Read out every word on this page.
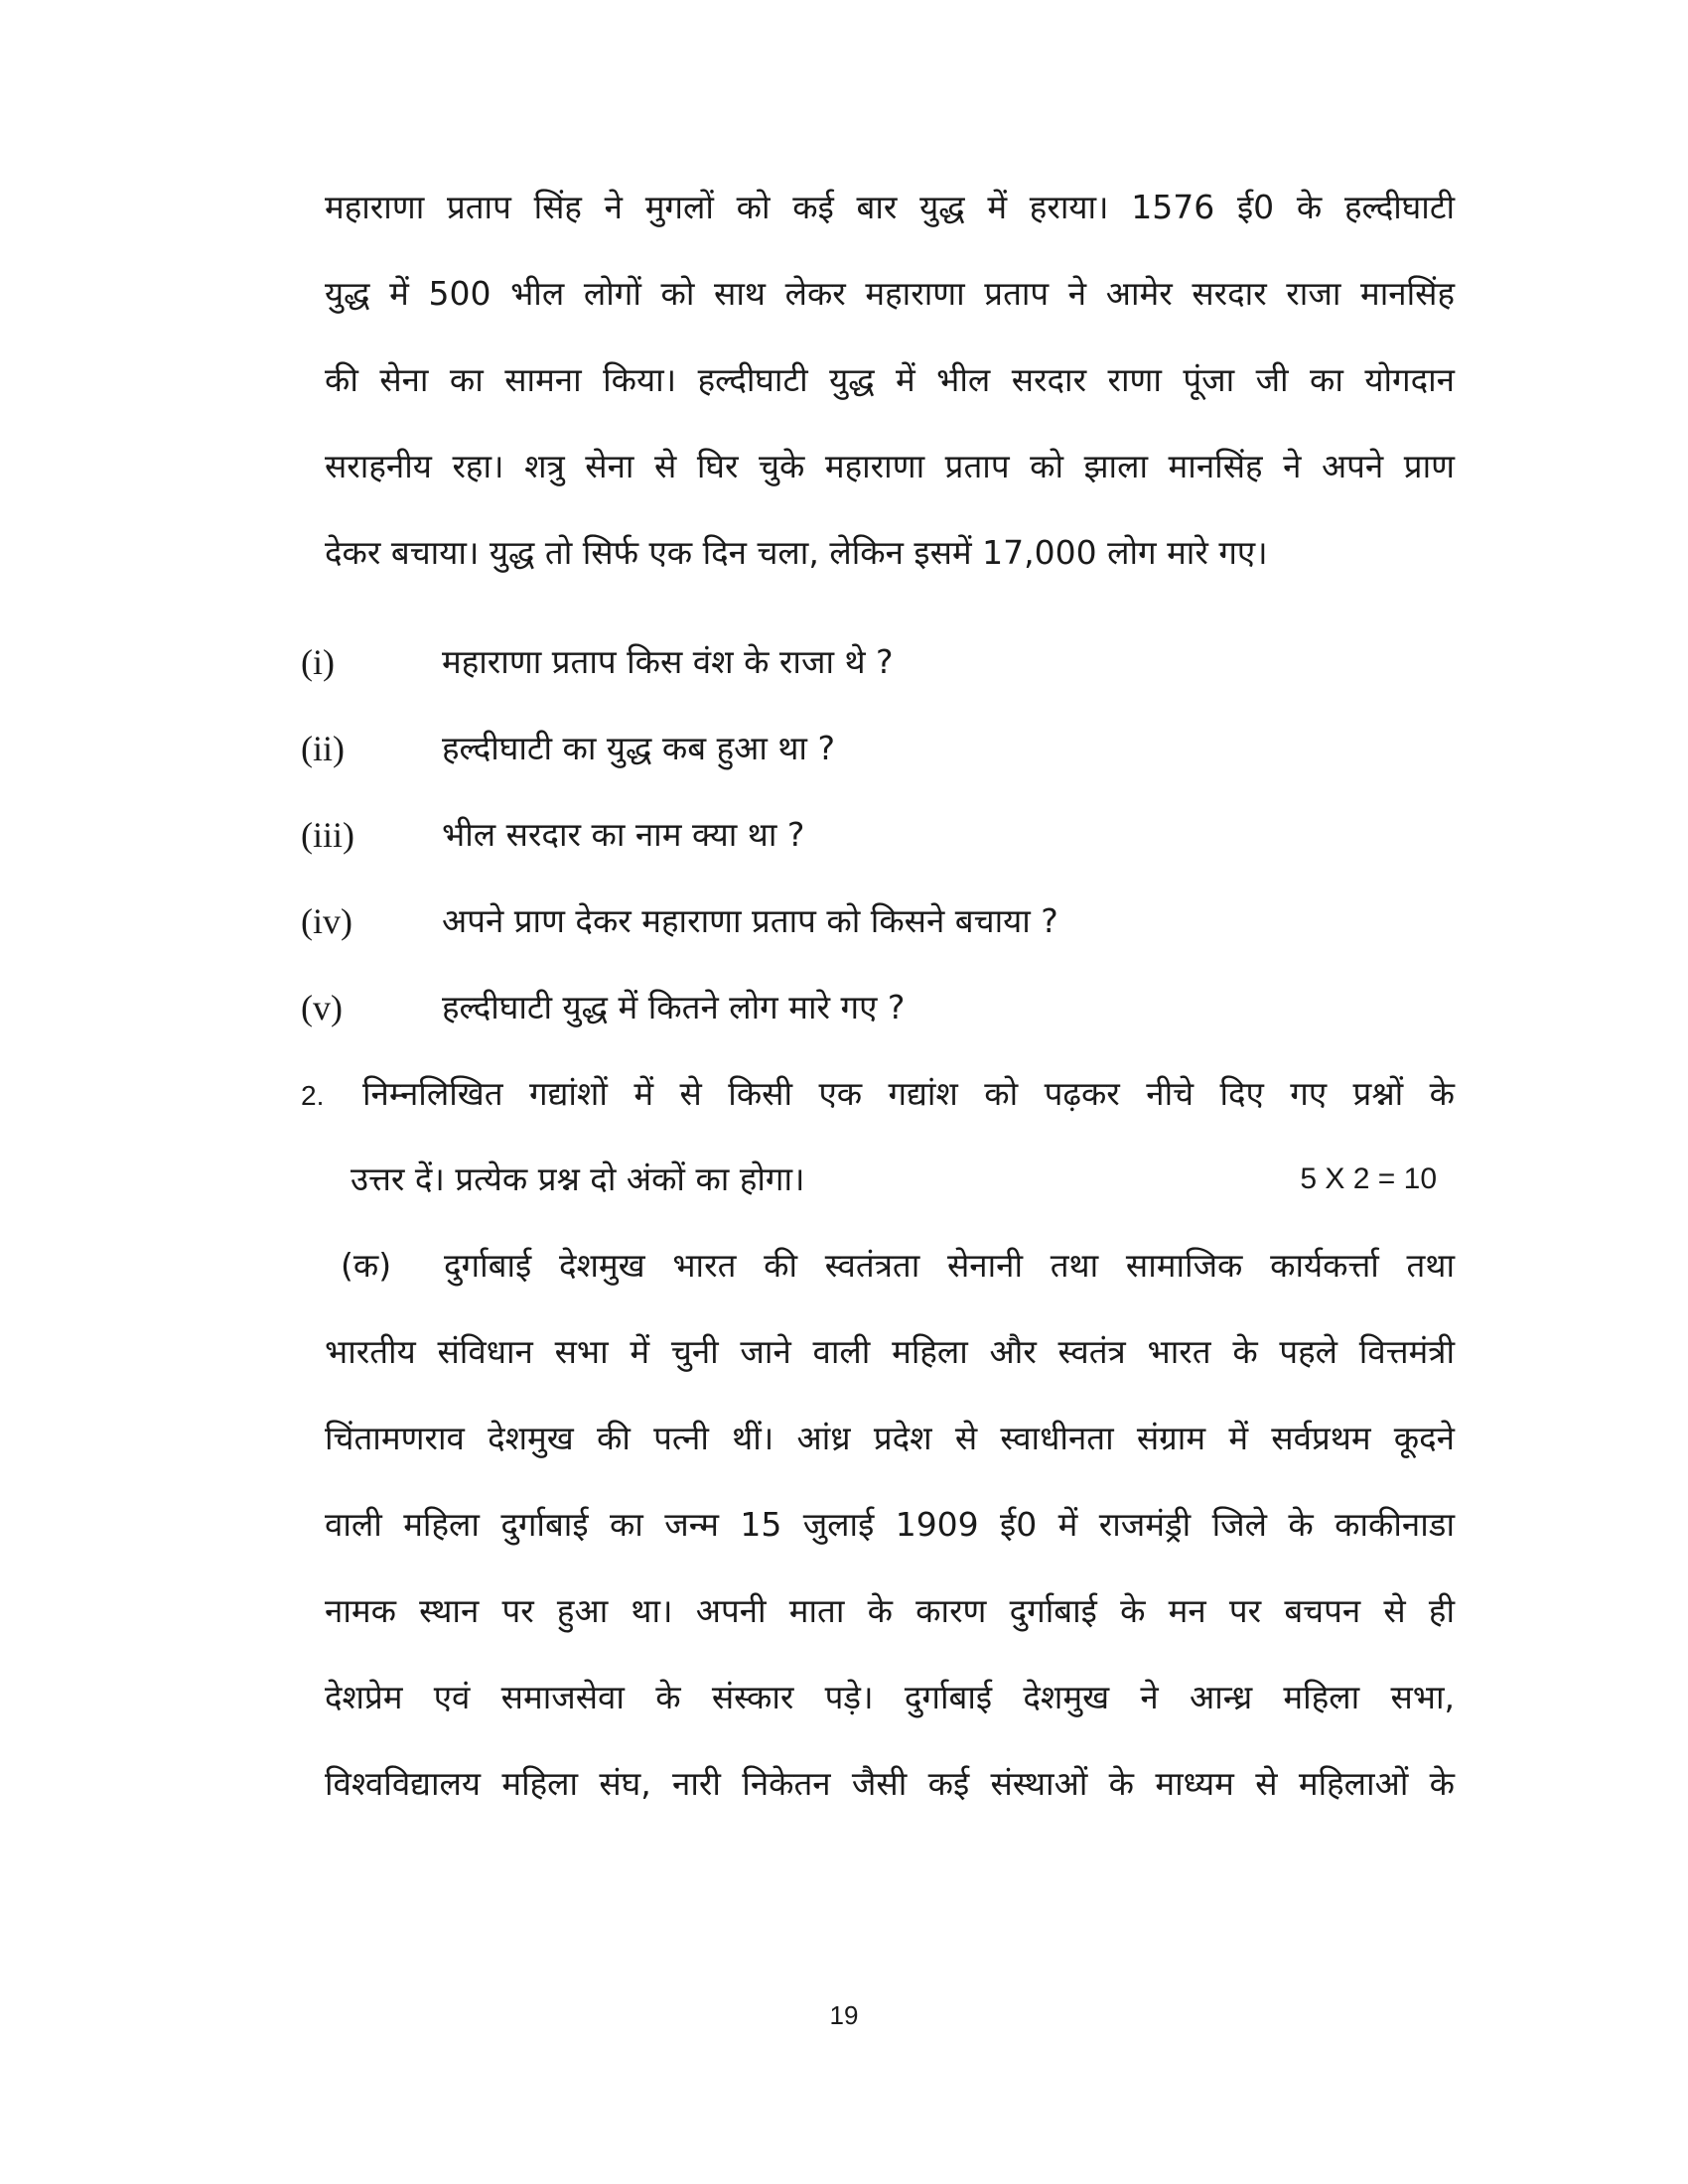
महाराणा प्रताप सिंह ने मुगलों को कई बार युद्ध में हराया। 1576 ई0 के हल्दीघाटी
युद्ध में 500 भील लोगों को साथ लेकर महाराणा प्रताप ने आमेर सरदार राजा मानसिंह
की सेना का सामना किया। हल्दीघाटी युद्ध में भील सरदार राणा पूंजा जी का योगदान
सराहनीय रहा। शत्रु सेना से घिर चुके महाराणा प्रताप को झाला मानसिंह ने अपने प्राण
देकर बचाया। युद्ध तो सिर्फ एक दिन चला, लेकिन इसमें 17,000 लोग मारे गए।
(i)	महाराणा प्रताप किस वंश के राजा थे ?
(ii)	हल्दीघाटी का युद्ध कब हुआ था ?
(iii)	भील सरदार का नाम क्या था ?
(iv)	अपने प्राण देकर महाराणा प्रताप को किसने बचाया ?
(v)	हल्दीघाटी युद्ध में कितने लोग मारे गए ?
2. निम्नलिखित गद्यांशों में से किसी एक गद्यांश को पढ़कर नीचे दिए गए प्रश्नों के
उत्तर दें। प्रत्येक प्रश्न दो अंकों का होगा।	5 X 2 = 10
(क) दुर्गाबाई देशमुख भारत की स्वतंत्रता सेनानी तथा सामाजिक कार्यकर्त्ता तथा
भारतीय संविधान सभा में चुनी जाने वाली महिला और स्वतंत्र भारत के पहले वित्तमंत्री
चिंतामणराव देशमुख की पत्नी थीं। आंध्र प्रदेश से स्वाधीनता संग्राम में सर्वप्रथम कूदने
वाली महिला दुर्गाबाई का जन्म 15 जुलाई 1909 ई0 में राजमंड्री जिले के काकीनाडा
नामक स्थान पर हुआ था। अपनी माता के कारण दुर्गाबाई के मन पर बचपन से ही
देशप्रेम एवं समाजसेवा के संस्कार पड़े। दुर्गाबाई देशमुख ने आन्ध्र महिला सभा,
विश्वविद्यालय महिला संघ, नारी निकेतन जैसी कई संस्थाओं के माध्यम से महिलाओं के
19
